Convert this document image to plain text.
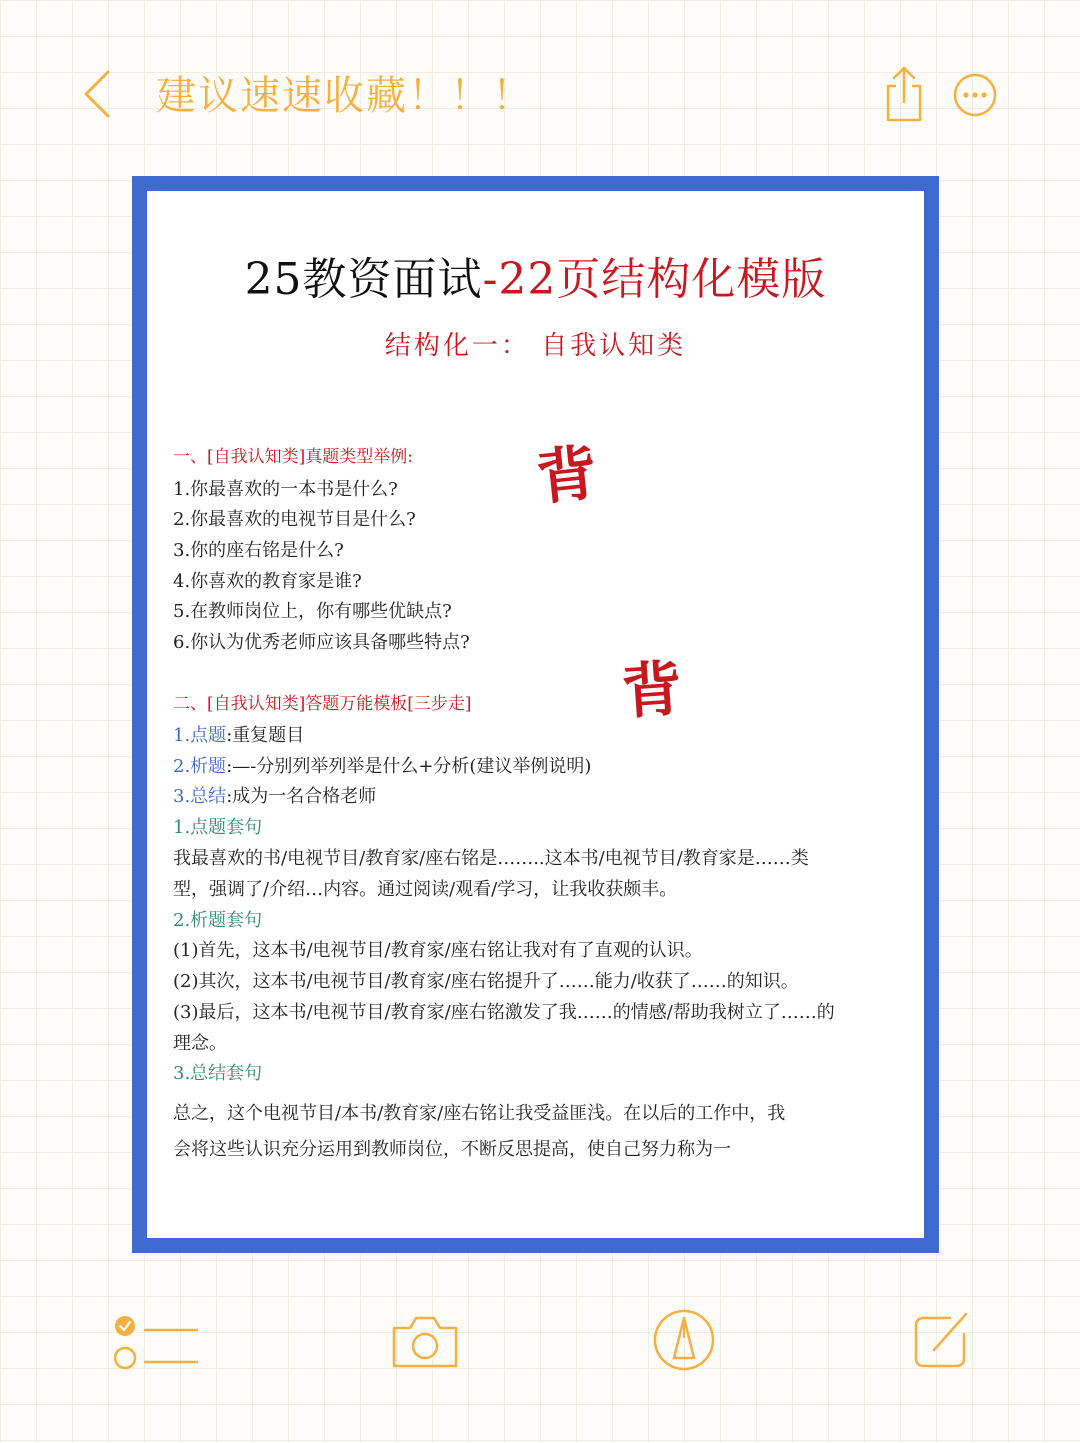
建议速速收藏！！！
25教资面试-22页结构化模版
结构化一： 自我认知类
背
背
一、[自我认知类]真题类型举例:
1.你最喜欢的一本书是什么?
2.你最喜欢的电视节目是什么?
3.你的座右铭是什么?
4.你喜欢的教育家是谁?
5.在教师岗位上，你有哪些优缺点?
6.你认为优秀老师应该具备哪些特点?
二、[自我认知类]答题万能模板[三步走]
1.点题:重复题目
2.析题:—-分别列举列举是什么+分析(建议举例说明)
3.总结:成为一名合格老师
1.点题套句
我最喜欢的书/电视节目/教育家/座右铭是……..这本书/电视节目/教育家是……类
型，强调了/介绍…内容。通过阅读/观看/学习，让我收获颇丰。
2.析题套句
(1)首先，这本书/电视节目/教育家/座右铭让我对有了直观的认识。
(2)其次，这本书/电视节目/教育家/座右铭提升了……能力/收获了……的知识。
(3)最后，这本书/电视节目/教育家/座右铭激发了我……的情感/帮助我树立了……的
理念。
3.总结套句
总之，这个电视节目/本书/教育家/座右铭让我受益匪浅。在以后的工作中，我
会将这些认识充分运用到教师岗位，不断反思提高，使自己努力称为一
